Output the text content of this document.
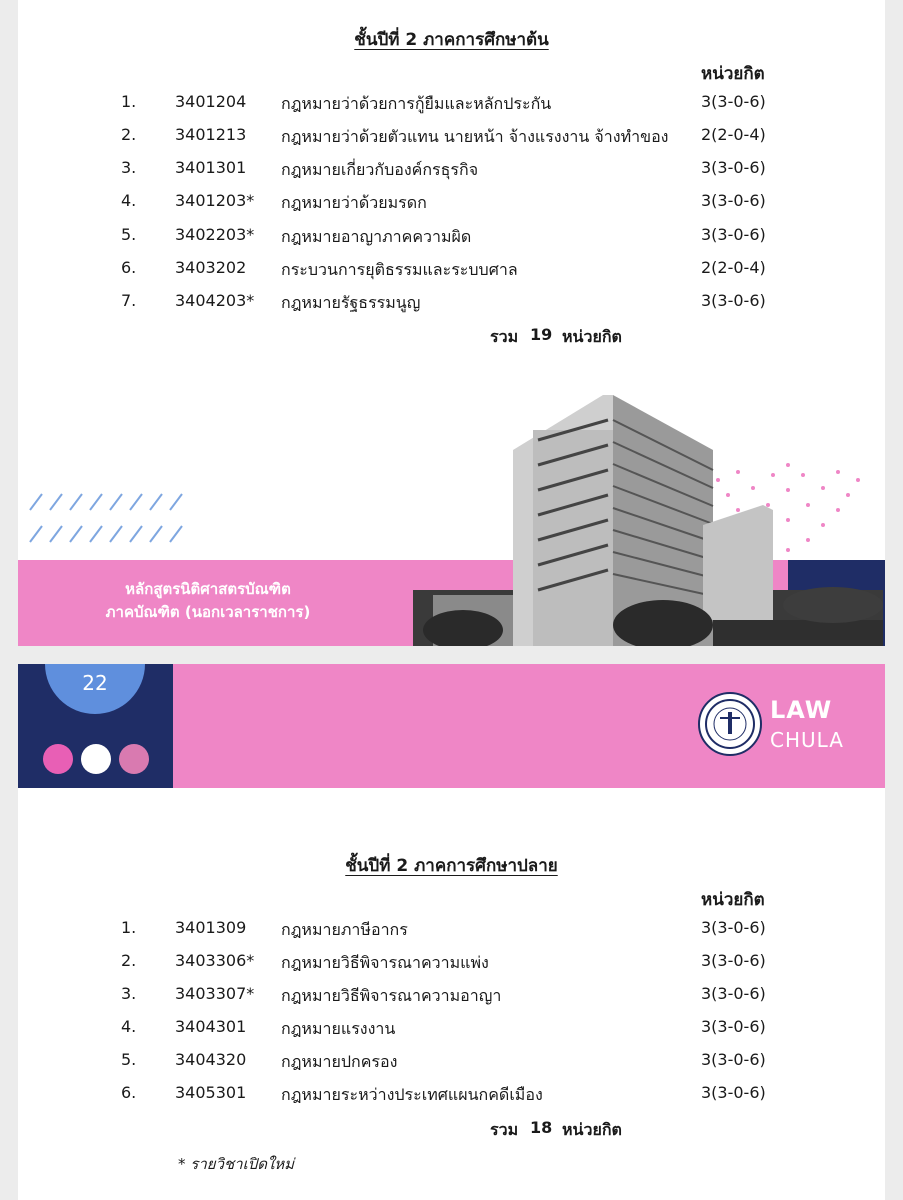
ชั้นปีที่ 2 ภาคการศึกษาต้น
หน่วยกิต
1. 3401204 กฎหมายว่าด้วยการกู้ยืมและหลักประกัน	3(3-0-6)
2. 3401213 กฎหมายว่าด้วยตัวแทน นายหน้า จ้างแรงงาน จ้างทำของ 2(2-0-4)
3. 3401301 กฎหมายเกี่ยวกับองค์กรธุรกิจ	3(3-0-6)
4. 3401203* กฎหมายว่าด้วยมรดก	3(3-0-6)
5. 3402203* กฎหมายอาญาภาคความผิด	3(3-0-6)
6. 3403202 กระบวนการยุติธรรมและระบบศาล	2(2-0-4)
7. 3404203* กฎหมายรัฐธรรมนูญ	3(3-0-6)
รวม 19 หน่วยกิต
หลักสูตรนิติศาสตรบัณฑิต
ภาคบัณฑิต (นอกเวลาราชการ)
22
LAW
CHULA
ชั้นปีที่ 2 ภาคการศึกษาปลาย
หน่วยกิต
1. 3401309 กฎหมายภาษีอากร	3(3-0-6)
2. 3403306* กฎหมายวิธีพิจารณาความแพ่ง	3(3-0-6)
3. 3403307* กฎหมายวิธีพิจารณาความอาญา	3(3-0-6)
4. 3404301 กฎหมายแรงงาน	3(3-0-6)
5. 3404320 กฎหมายปกครอง	3(3-0-6)
6. 3405301 กฎหมายระหว่างประเทศแผนกคดีเมือง	3(3-0-6)
รวม 18 หน่วยกิต
* รายวิชาเปิดใหม่
